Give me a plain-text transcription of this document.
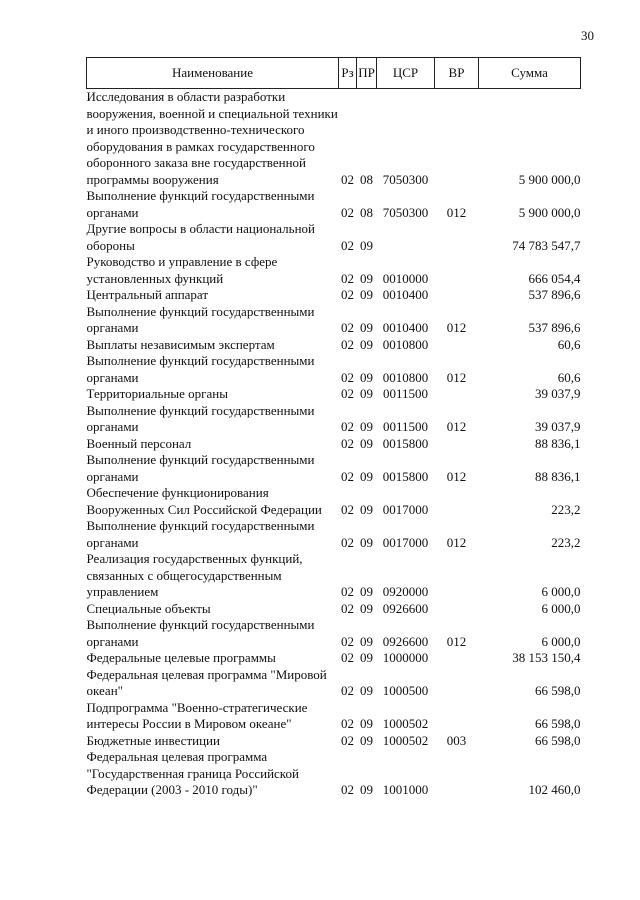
30
Наименование	Рз	ПР	ЦСР	ВР	Сумма
Исследования в области разработки вооружения, военной и специальной техники и иного производственно-технического оборудования в рамках государственного оборонного заказа вне государственной программы вооружения	02	08	7050300		5 900 000,0
Выполнение функций государственными органами	02	08	7050300	012	5 900 000,0
Другие вопросы в области национальной обороны	02	09			74 783 547,7
Руководство и управление в сфере установленных функций	02	09	0010000		666 054,4
Центральный аппарат	02	09	0010400		537 896,6
Выполнение функций государственными органами	02	09	0010400	012	537 896,6
Выплаты независимым экспертам	02	09	0010800		60,6
Выполнение функций государственными органами	02	09	0010800	012	60,6
Территориальные органы	02	09	0011500		39 037,9
Выполнение функций государственными органами	02	09	0011500	012	39 037,9
Военный персонал	02	09	0015800		88 836,1
Выполнение функций государственными органами	02	09	0015800	012	88 836,1
Обеспечение функционирования Вооруженных Сил Российской Федерации	02	09	0017000		223,2
Выполнение функций государственными органами	02	09	0017000	012	223,2
Реализация государственных функций, связанных с общегосударственным управлением	02	09	0920000		6 000,0
Специальные объекты	02	09	0926600		6 000,0
Выполнение функций государственными органами	02	09	0926600	012	6 000,0
Федеральные целевые программы	02	09	1000000		38 153 150,4
Федеральная целевая программа "Мировой океан"	02	09	1000500		66 598,0
Подпрограмма "Военно-стратегические интересы России в Мировом океане"	02	09	1000502		66 598,0
Бюджетные инвестиции	02	09	1000502	003	66 598,0
Федеральная целевая программа "Государственная граница Российской Федерации (2003 - 2010 годы)"	02	09	1001000		102 460,0
